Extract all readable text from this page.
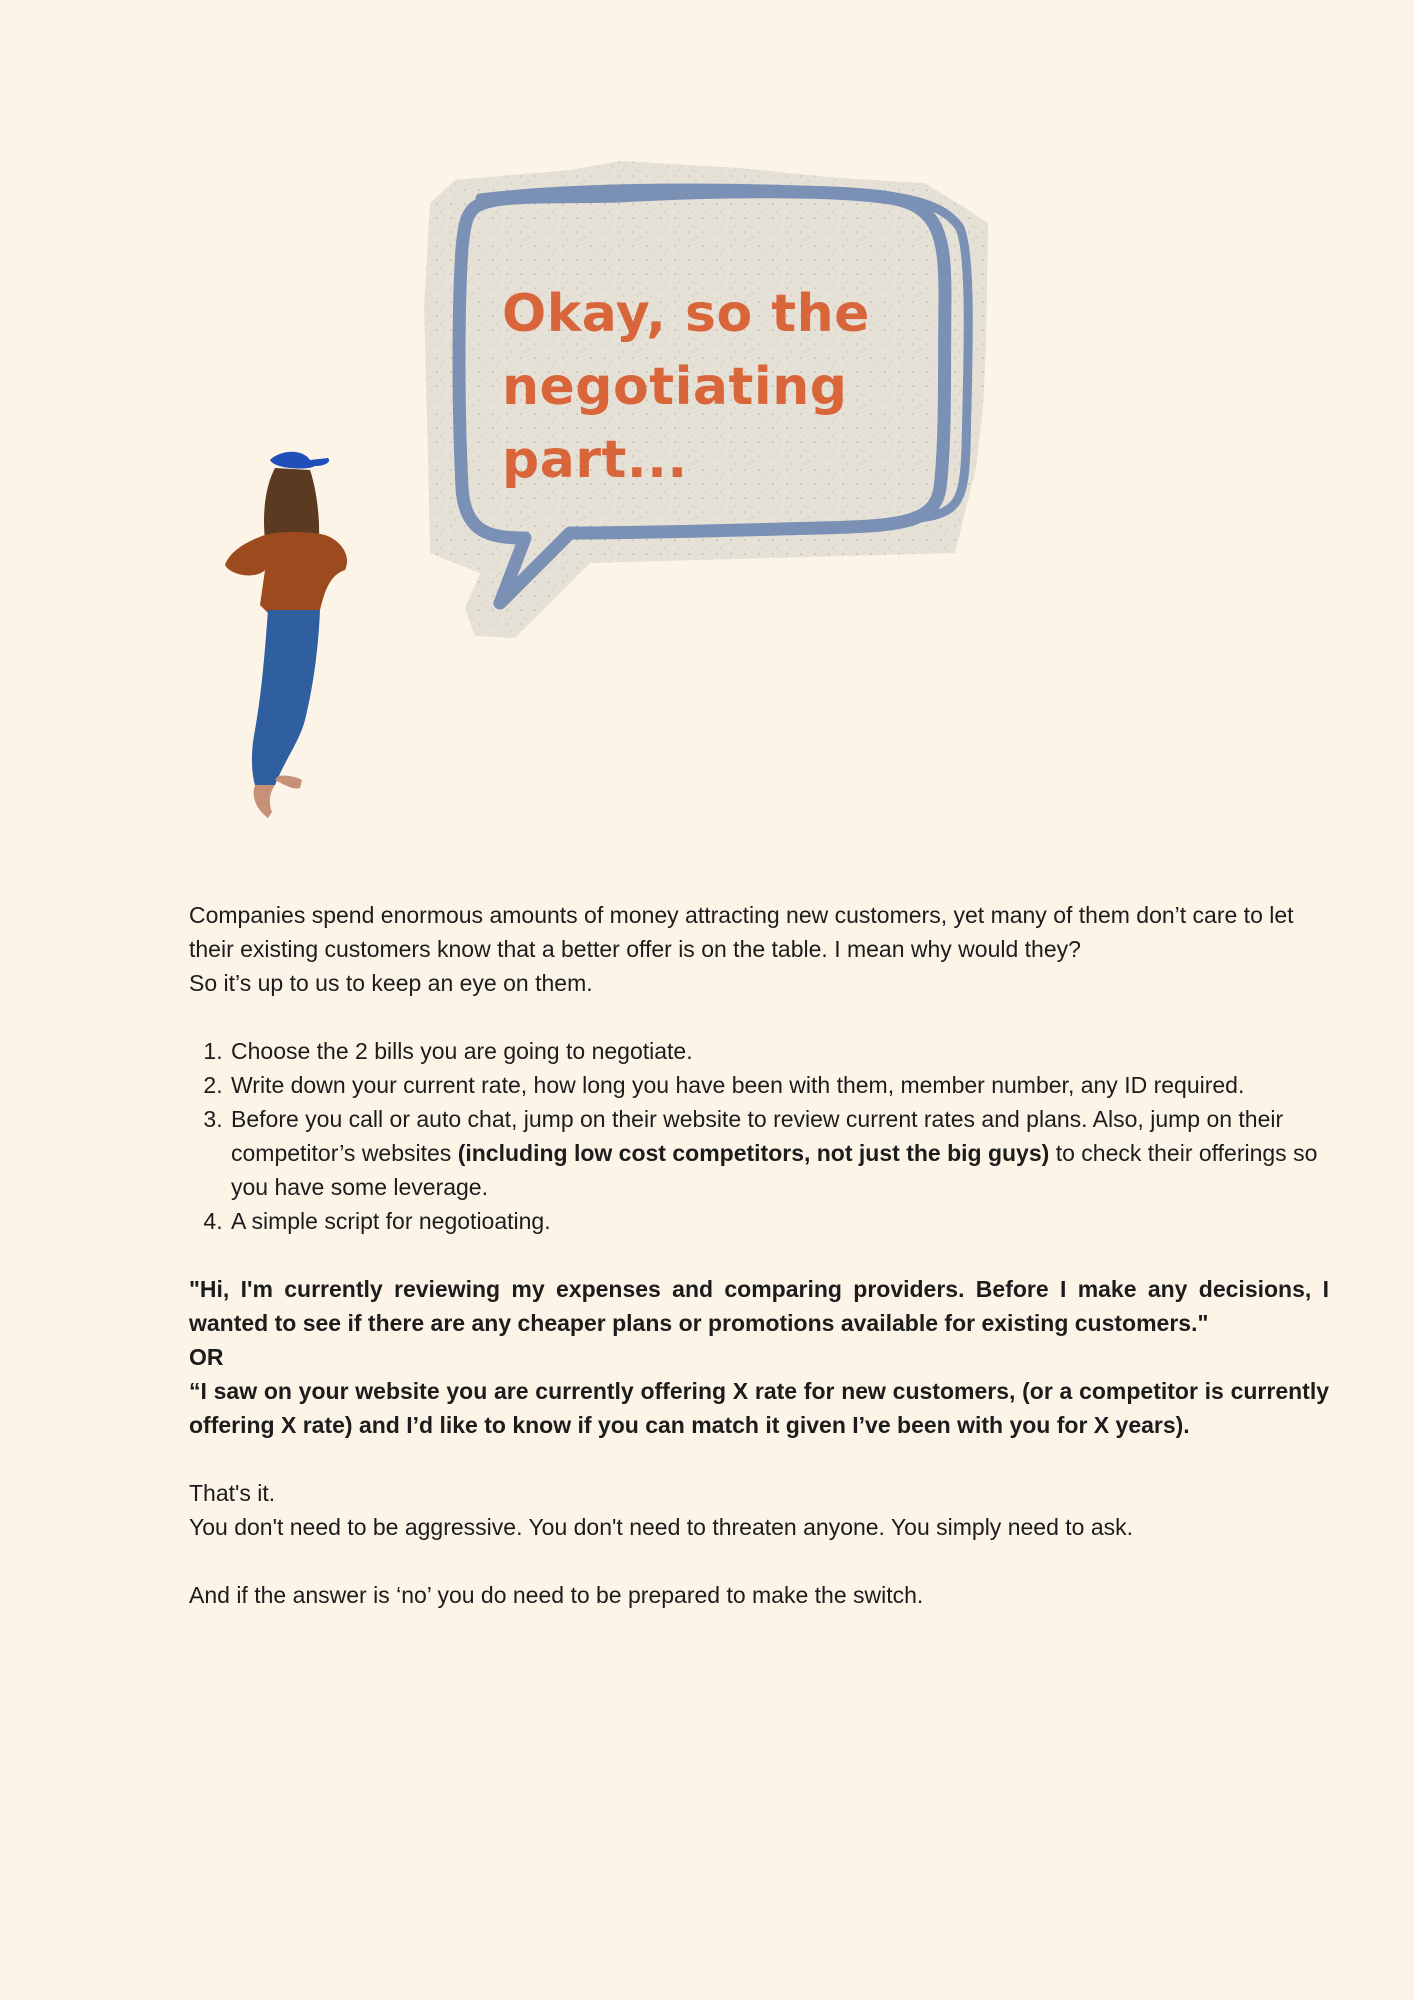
Okay, so the negotiating part...

Companies spend enormous amounts of money attracting new customers, yet many of them don’t care to let their existing customers know that a better offer is on the table. I mean why would they?

So it’s up to us to keep an eye on them.

1. Choose the 2 bills you are going to negotiate.
2. Write down your current rate, how long you have been with them, member number, any ID required.
3. Before you call or auto chat, jump on their website to review current rates and plans. Also, jump on their competitor’s websites (including low cost competitors, not just the big guys) to check their offerings so you have some leverage.
4. A simple script for negotioating.

"Hi, I'm currently reviewing my expenses and comparing providers. Before I make any decisions, I wanted to see if there are any cheaper plans or promotions available for existing customers."

OR

“I saw on your website you are currently offering X rate for new customers, (or a competitor is currently offering X rate) and I’d like to know if you can match it given I’ve been with you for X years).

That's it.

You don't need to be aggressive. You don't need to threaten anyone. You simply need to ask.

And if the answer is ‘no’ you do need to be prepared to make the switch.
